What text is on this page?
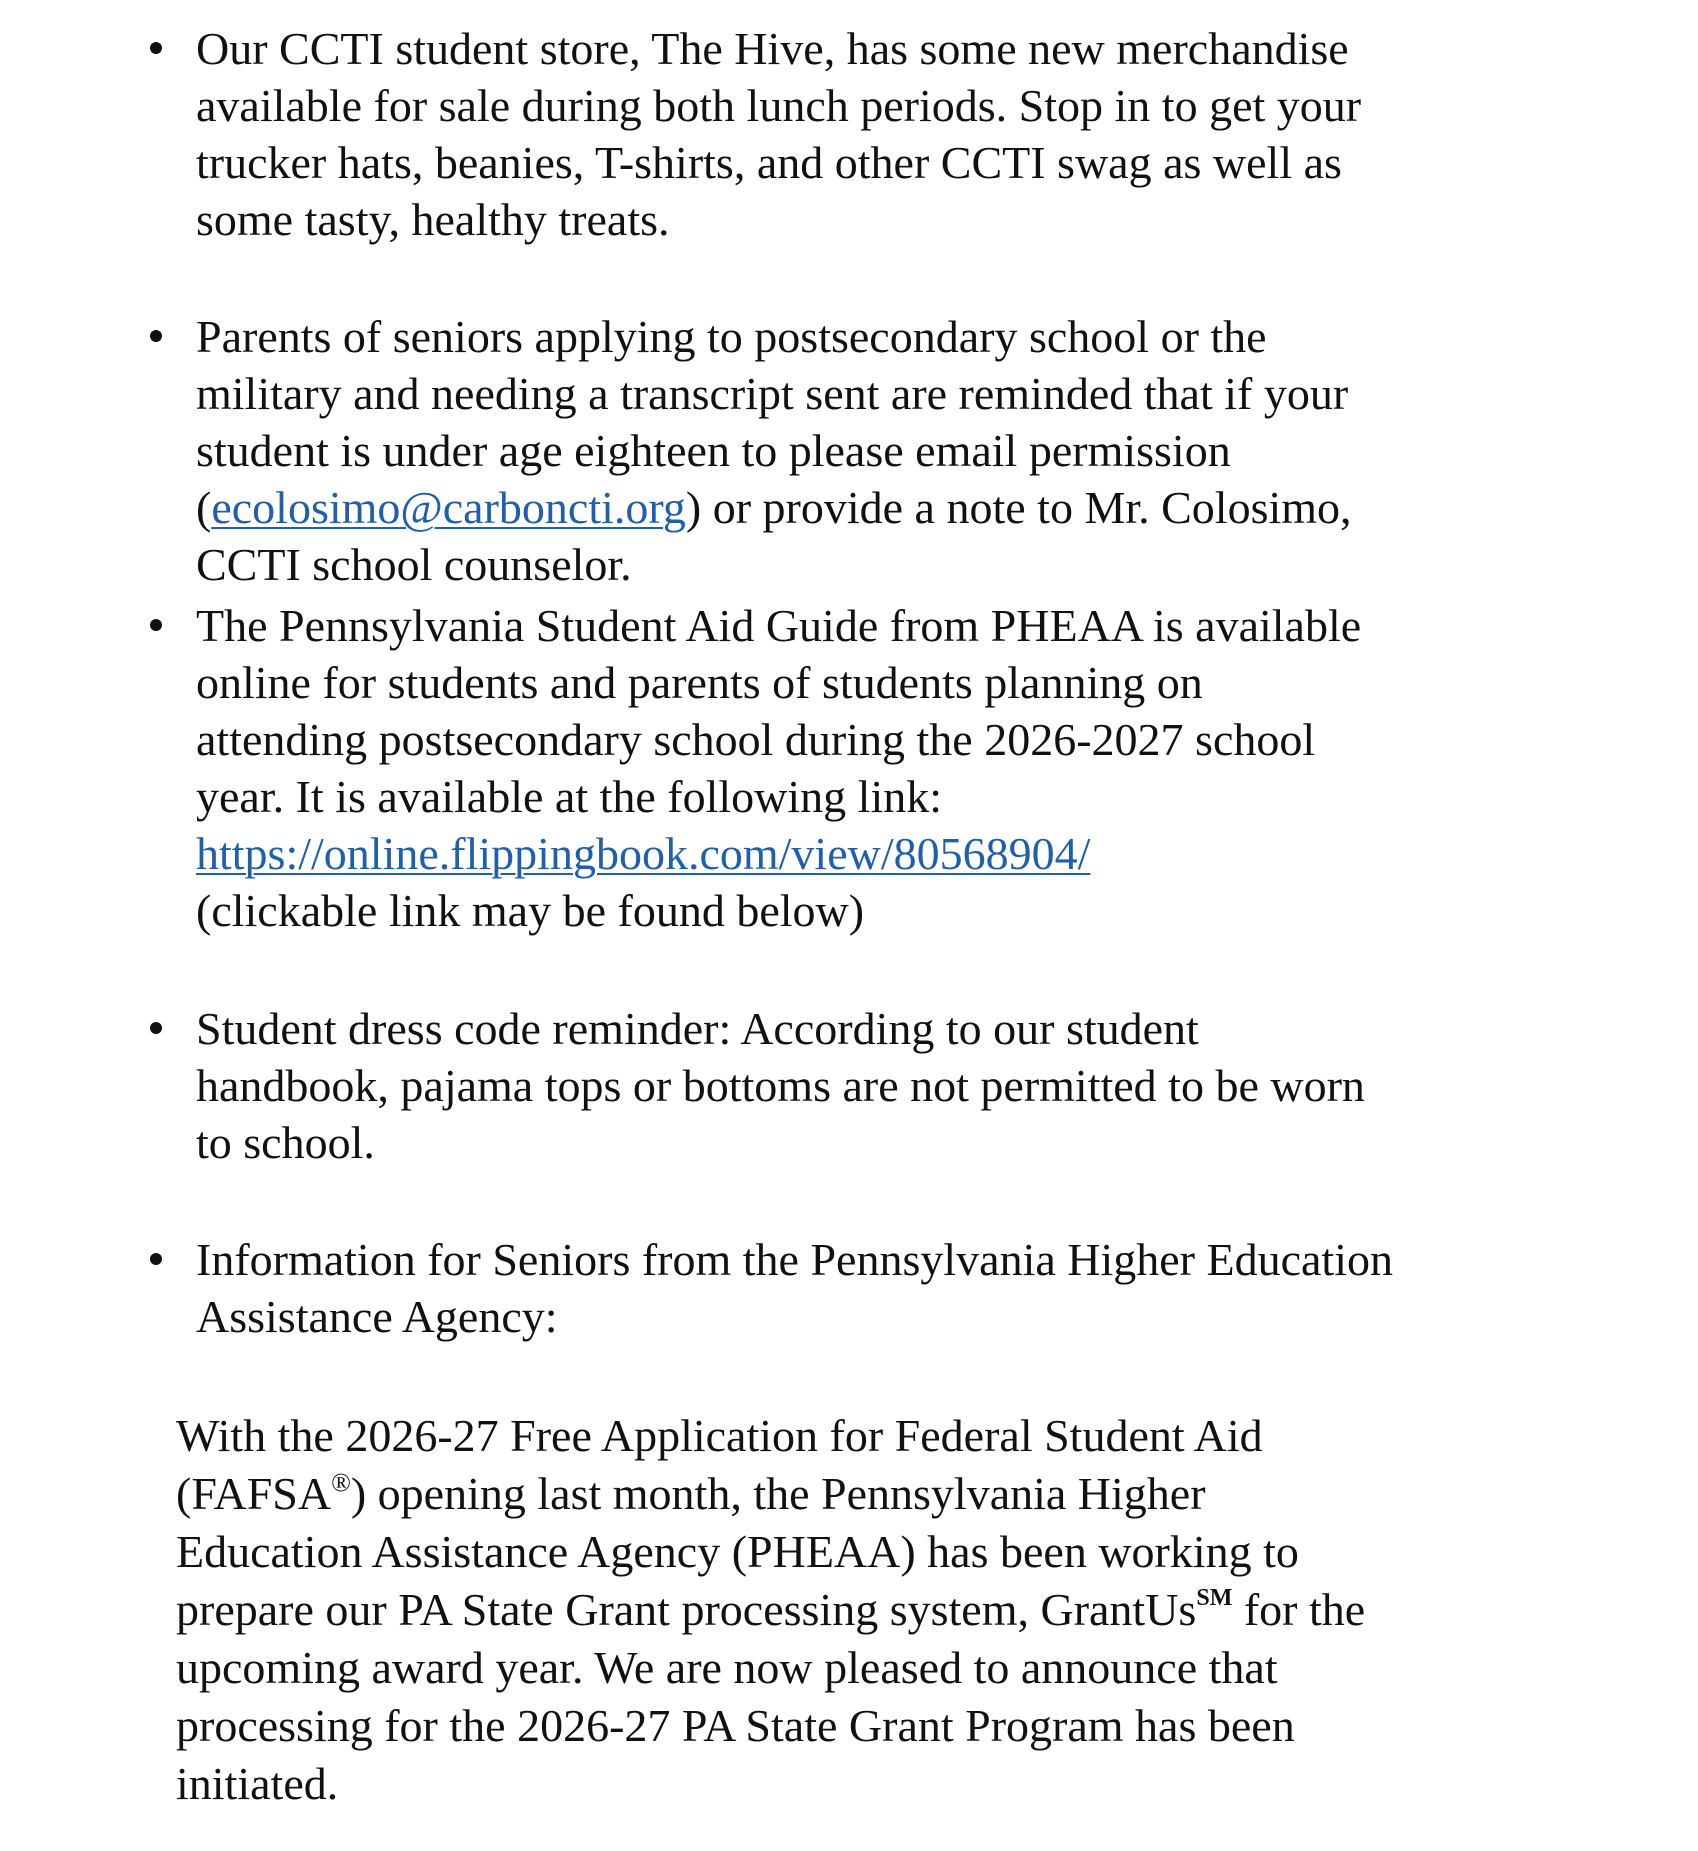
Our CCTI student store, The Hive, has some new merchandise
available for sale during both lunch periods. Stop in to get your
trucker hats, beanies, T-shirts, and other CCTI swag as well as
some tasty, healthy treats.
Parents of seniors applying to postsecondary school or the
military and needing a transcript sent are reminded that if your
student is under age eighteen to please email permission
(ecolosimo@carboncti.org) or provide a note to Mr. Colosimo,
CCTI school counselor.
The Pennsylvania Student Aid Guide from PHEAA is available
online for students and parents of students planning on
attending postsecondary school during the 2026-2027 school
year. It is available at the following link:
https://online.flippingbook.com/view/80568904/
(clickable link may be found below)
Student dress code reminder: According to our student
handbook, pajama tops or bottoms are not permitted to be worn
to school.
Information for Seniors from the Pennsylvania Higher Education
Assistance Agency:
With the 2026-27 Free Application for Federal Student Aid
(FAFSA®) opening last month, the Pennsylvania Higher
Education Assistance Agency (PHEAA) has been working to
prepare our PA State Grant processing system, GrantUs℠ for the
upcoming award year. We are now pleased to announce that
processing for the 2026-27 PA State Grant Program has been
initiated.
